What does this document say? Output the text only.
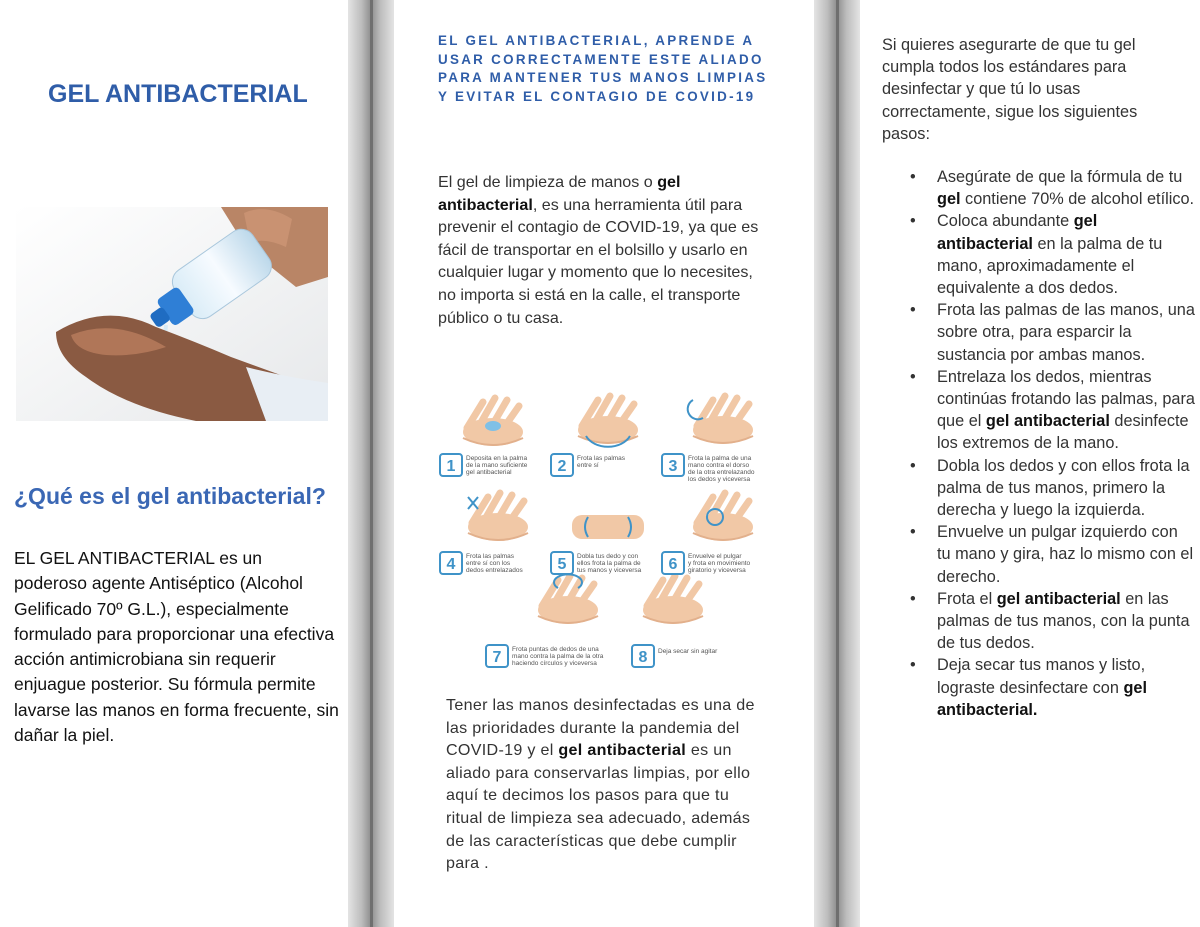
GEL ANTIBACTERIAL
¿Qué es el gel antibacterial?

EL GEL ANTIBACTERIAL es un poderoso agente Antiséptico (Alcohol Gelificado 70º G.L.), especialmente formulado para proporcionar una efectiva acción antimicrobiana sin requerir enjuague posterior. Su fórmula permite lavarse las manos en forma frecuente, sin dañar la piel.

EL GEL ANTIBACTERIAL, APRENDE A USAR CORRECTAMENTE ESTE ALIADO PARA MANTENER TUS MANOS LIMPIAS Y EVITAR EL CONTAGIO DE COVID-19

El gel de limpieza de manos o gel antibacterial, es una herramienta útil para prevenir el contagio de COVID-19, ya que es fácil de transportar en el bolsillo y usarlo en cualquier lugar y momento que lo necesites, no importa si está en la calle, el transporte público o tu casa.

1 Deposita en la palma
de la mano suficiente
gel antibacterial	2 Frota las palmas
entre sí	3 Frota la palma de una
mano contra el dorso
de la otra entrelazando
los dedos y viceversa
4 Frota las palmas
entre sí con los
dedos entrelazados 5 Dobla tus dedo y con
ellos frota la palma de
tus manos y viceversa 6 Envuelve el pulgar
y frota en movimiento
giratorio y viceversa
7 Frota puntas de dedos de una
mano contra la palma de la otra
haciendo círculos y viceversa	8 Deja secar sin agitar

Tener las manos desinfectadas es una de las prioridades durante la pandemia del COVID-19 y el gel antibacterial es un aliado para conservarlas limpias, por ello aquí te decimos los pasos para que tu ritual de limpieza sea adecuado, además de las características que debe cumplir para .

Si quieres asegurarte de que tu gel cumpla todos los estándares para desinfectar y que tú lo usas correctamente, sigue los siguientes pasos:

• Asegúrate de que la fórmula de tu gel contiene 70% de alcohol etílico.
• Coloca abundante gel antibacterial en la palma de tu mano, aproximadamente el equivalente a dos dedos.
• Frota las palmas de las manos, una sobre otra, para esparcir la sustancia por ambas manos.
• Entrelaza los dedos, mientras continúas frotando las palmas, para que el gel antibacterial desinfecte los extremos de la mano.
• Dobla los dedos y con ellos frota la palma de tus manos, primero la derecha y luego la izquierda.
• Envuelve un pulgar izquierdo con tu mano y gira, haz lo mismo con el derecho.
• Frota el gel antibacterial en las palmas de tus manos, con la punta de tus dedos.
• Deja secar tus manos y listo, lograste desinfectare con gel antibacterial.
